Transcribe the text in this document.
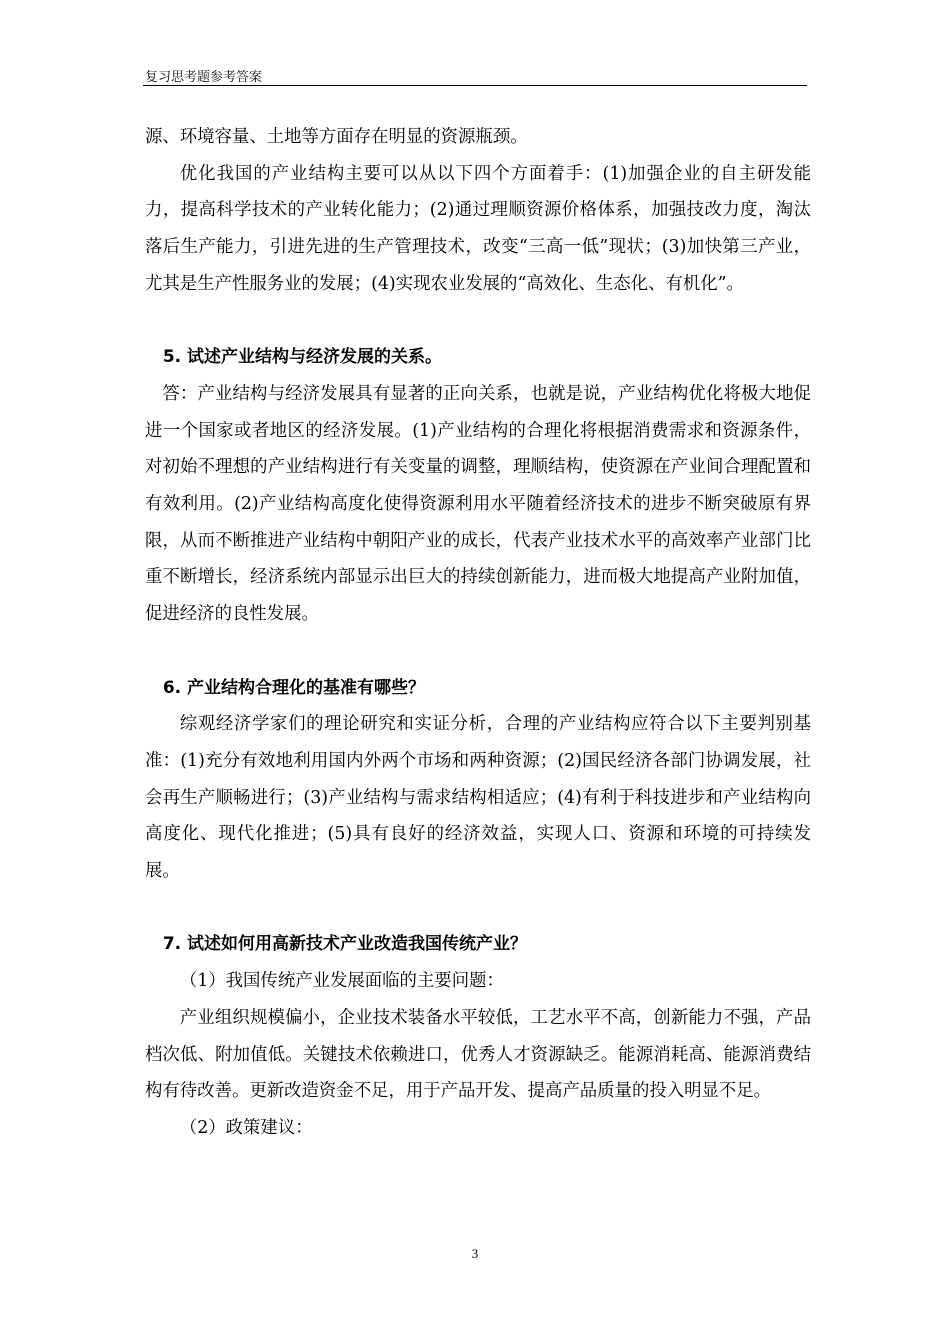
复习思考题参考答案

源、环境容量、土地等方面存在明显的资源瓶颈。

优化我国的产业结构主要可以从以下四个方面着手：(1)加强企业的自主研发能力，提高科学技术的产业转化能力；(2)通过理顺资源价格体系，加强技改力度，淘汰落后生产能力，引进先进的生产管理技术，改变“三高一低”现状；(3)加快第三产业，尤其是生产性服务业的发展；(4)实现农业发展的“高效化、生态化、有机化”。

5. 试述产业结构与经济发展的关系。

答：产业结构与经济发展具有显著的正向关系，也就是说，产业结构优化将极大地促进一个国家或者地区的经济发展。(1)产业结构的合理化将根据消费需求和资源条件，对初始不理想的产业结构进行有关变量的调整，理顺结构，使资源在产业间合理配置和有效利用。(2)产业结构高度化使得资源利用水平随着经济技术的进步不断突破原有界限，从而不断推进产业结构中朝阳产业的成长，代表产业技术水平的高效率产业部门比重不断增长，经济系统内部显示出巨大的持续创新能力，进而极大地提高产业附加值，促进经济的良性发展。

6. 产业结构合理化的基准有哪些？

综观经济学家们的理论研究和实证分析，合理的产业结构应符合以下主要判别基准：(1)充分有效地利用国内外两个市场和两种资源；(2)国民经济各部门协调发展，社会再生产顺畅进行；(3)产业结构与需求结构相适应；(4)有利于科技进步和产业结构向高度化、现代化推进；(5)具有良好的经济效益，实现人口、资源和环境的可持续发展。

7. 试述如何用高新技术产业改造我国传统产业？

（1）我国传统产业发展面临的主要问题：

产业组织规模偏小，企业技术装备水平较低，工艺水平不高，创新能力不强，产品档次低、附加值低。关键技术依赖进口，优秀人才资源缺乏。能源消耗高、能源消费结构有待改善。更新改造资金不足，用于产品开发、提高产品质量的投入明显不足。

（2）政策建议：

3
